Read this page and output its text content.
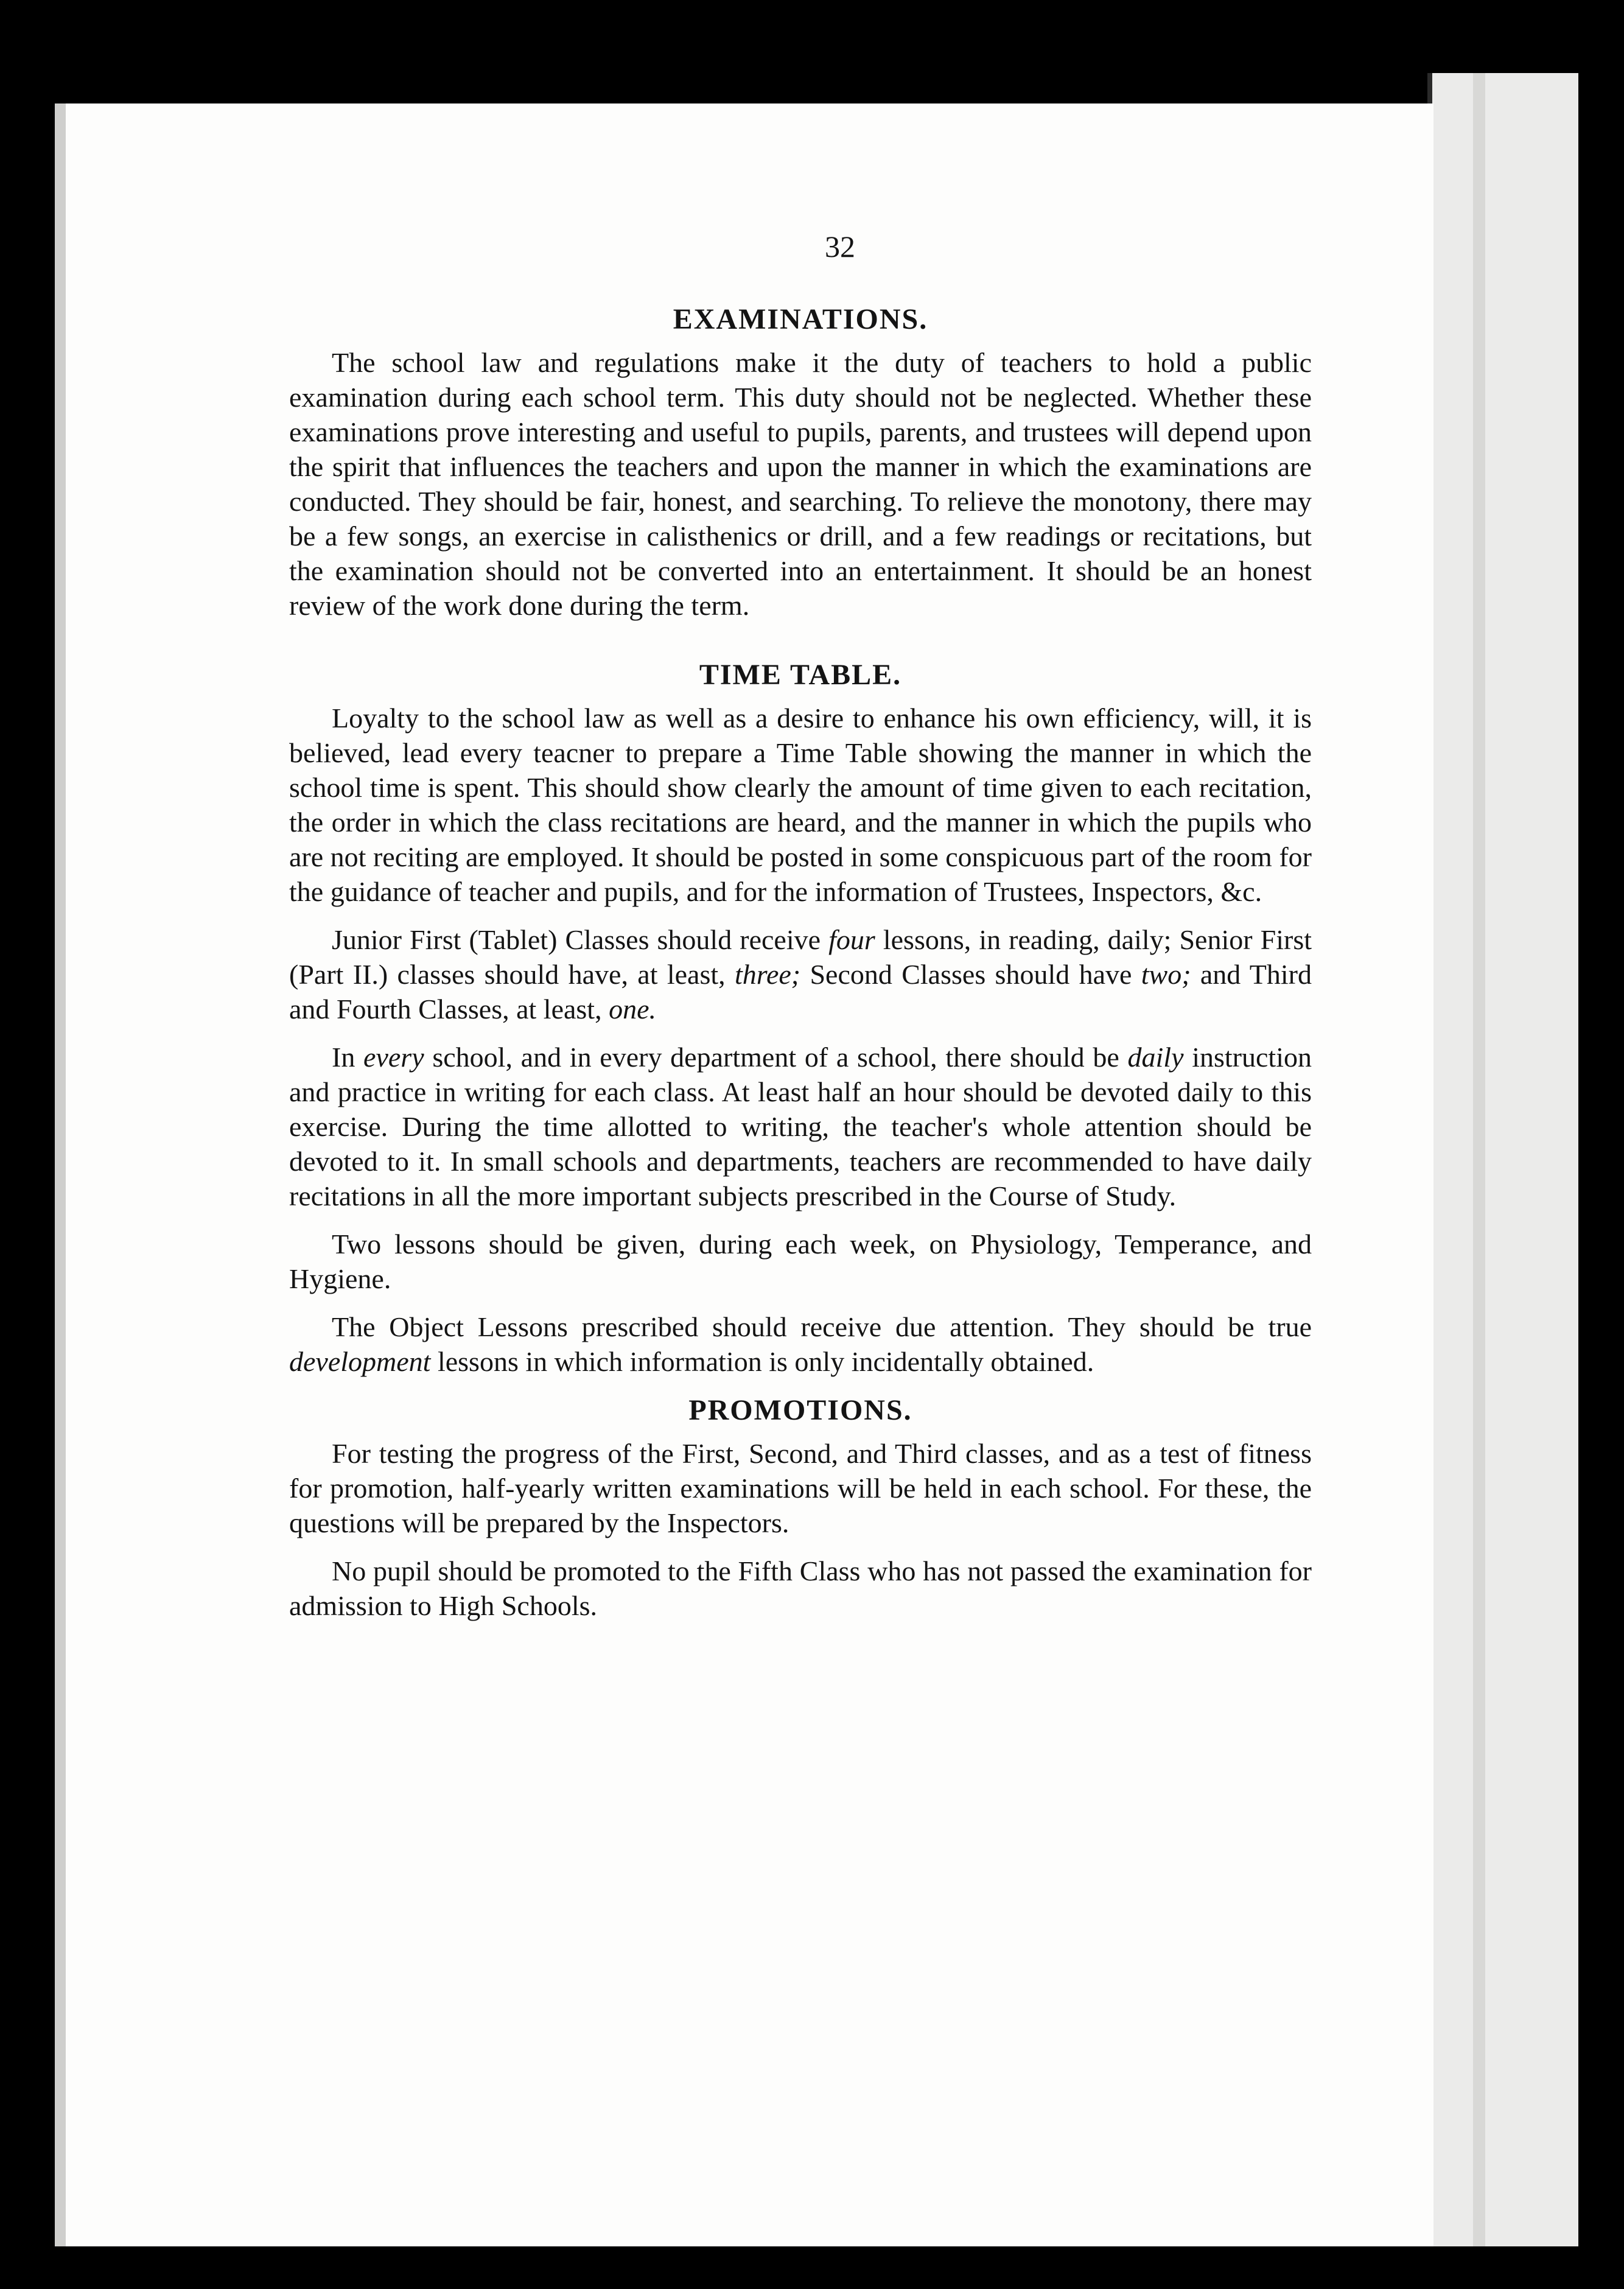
32
EXAMINATIONS.

The school law and regulations make it the duty of teachers to hold a public examination during each school term. This duty should not be neglected. Whether these examinations prove interesting and useful to pupils, parents, and trustees will depend upon the spirit that influences the teachers and upon the manner in which the examinations are conducted. They should be fair, honest, and searching. To relieve the monotony, there may be a few songs, an exercise in calisthenics or drill, and a few readings or recitations, but the examination should not be converted into an entertainment. It should be an honest review of the work done during the term.

TIME TABLE.

Loyalty to the school law as well as a desire to enhance his own efficiency, will, it is believed, lead every teacner to prepare a Time Table showing the manner in which the school time is spent. This should show clearly the amount of time given to each recitation, the order in which the class recitations are heard, and the manner in which the pupils who are not reciting are employed. It should be posted in some conspicuous part of the room for the guidance of teacher and pupils, and for the information of Trustees, Inspectors, &c.

Junior First (Tablet) Classes should receive four lessons, in reading, daily; Senior First (Part II.) classes should have, at least, three; Second Classes should have two; and Third and Fourth Classes, at least, one.

In every school, and in every department of a school, there should be daily instruction and practice in writing for each class. At least half an hour should be devoted daily to this exercise. During the time allotted to writing, the teacher's whole attention should be devoted to it. In small schools and departments, teachers are recommended to have daily recitations in all the more important subjects prescribed in the Course of Study.

Two lessons should be given, during each week, on Physiology, Temperance, and Hygiene.

The Object Lessons prescribed should receive due attention. They should be true development lessons in which information is only incidentally obtained.

PROMOTIONS.

For testing the progress of the First, Second, and Third classes, and as a test of fitness for promotion, half-yearly written examinations will be held in each school. For these, the questions will be prepared by the Inspectors.

No pupil should be promoted to the Fifth Class who has not passed the examination for admission to High Schools.
